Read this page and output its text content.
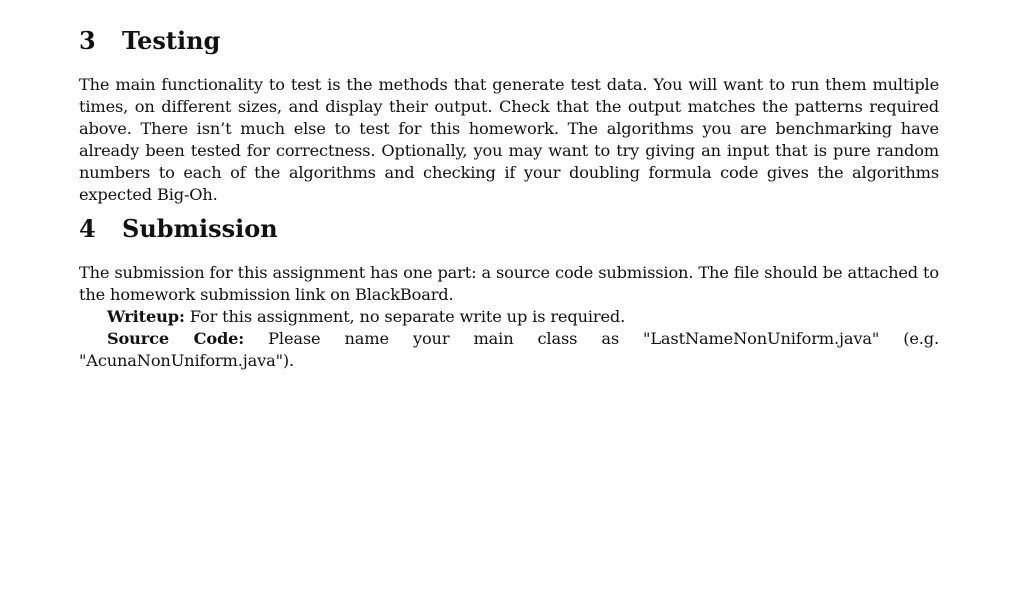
3 Testing

The main functionality to test is the methods that generate test data. You will want to run them multiple times, on different sizes, and display their output. Check that the output matches the patterns required above. There isn’t much else to test for this homework. The algorithms you are benchmarking have already been tested for correctness. Optionally, you may want to try giving an input that is pure random numbers to each of the algorithms and checking if your doubling formula code gives the algorithms expected Big-Oh.

4 Submission

The submission for this assignment has one part: a source code submission. The file should be attached to the homework submission link on BlackBoard.

Writeup: For this assignment, no separate write up is required.

Source Code: Please name your main class as "LastNameNonUniform.java" (e.g. "AcunaNonUniform.java").
